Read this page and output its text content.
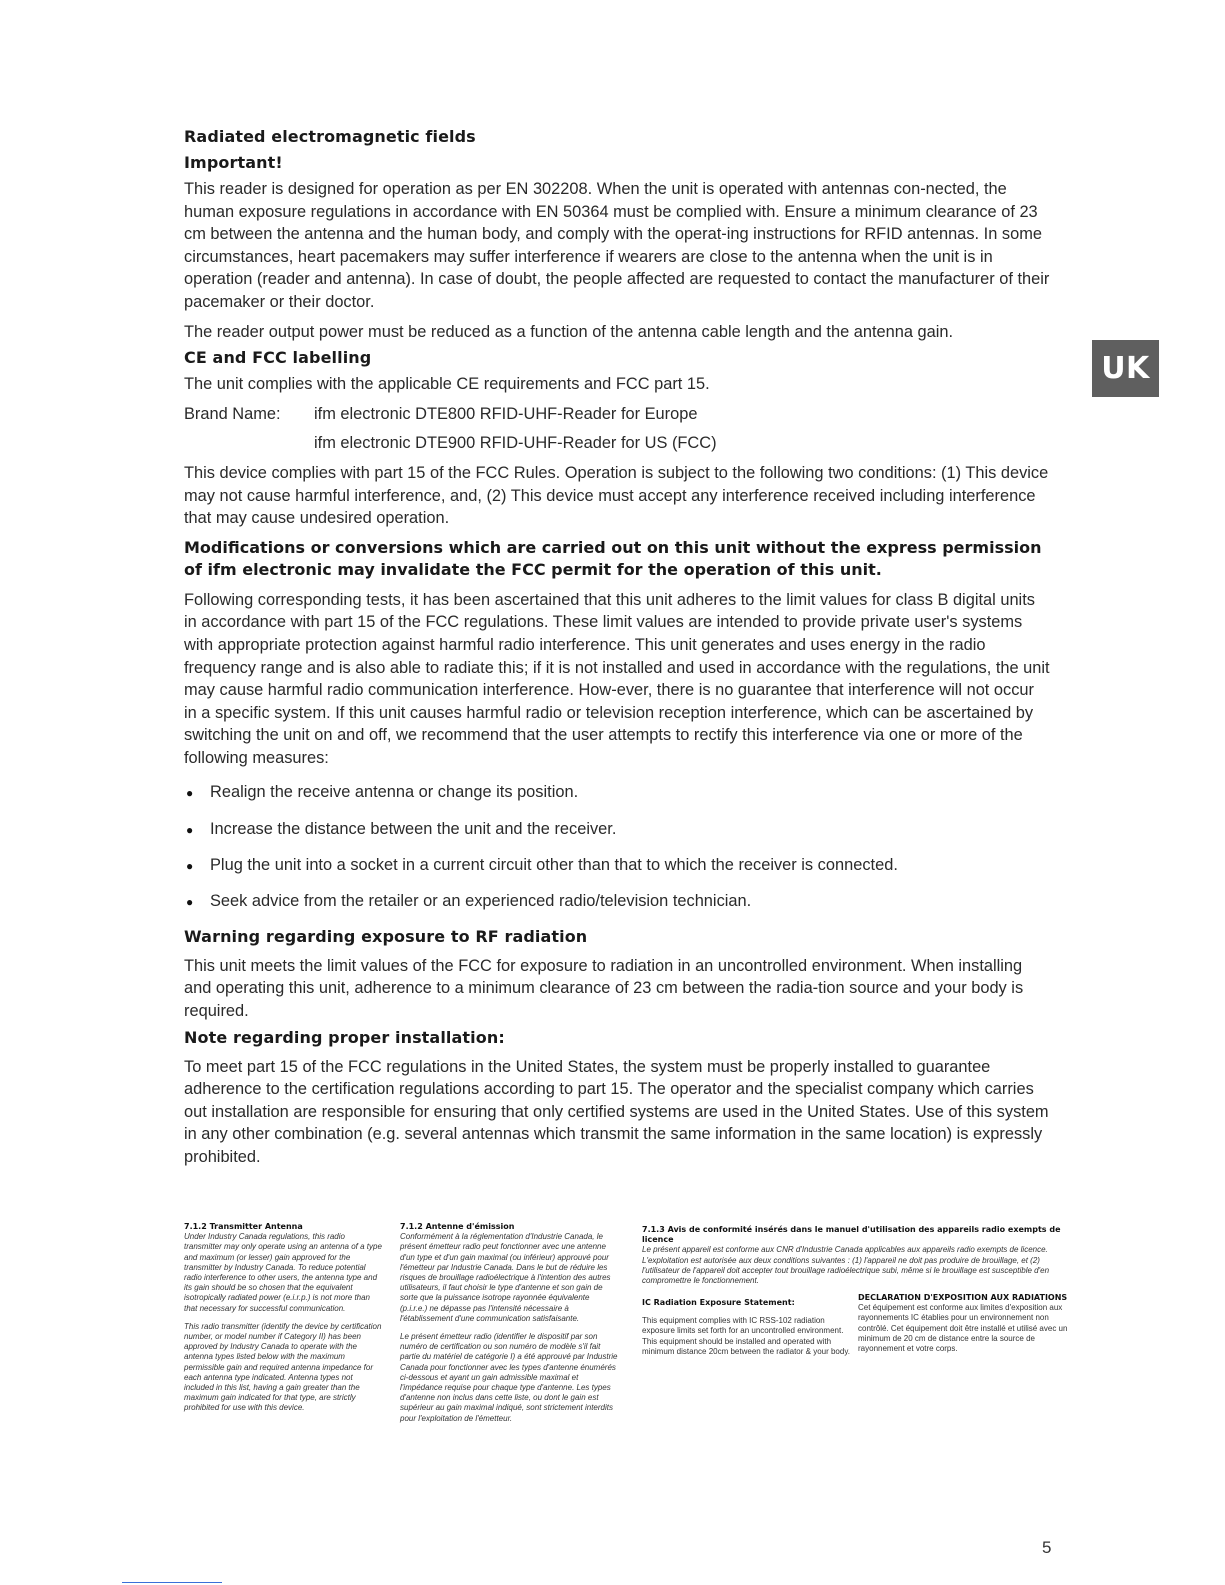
Radiated electromagnetic fields
Important!

This reader is designed for operation as per EN 302208. When the unit is operated with antennas con-nected, the human exposure regulations in accordance with EN 50364 must be complied with. Ensure a minimum clearance of 23 cm between the antenna and the human body, and comply with the operat-ing instructions for RFID antennas. In some circumstances, heart pacemakers may suffer interference if wearers are close to the antenna when the unit is in operation (reader and antenna). In case of doubt, the people affected are requested to contact the manufacturer of their pacemaker or their doctor.

The reader output power must be reduced as a function of the antenna cable length and the antenna gain.

CE and FCC labelling

The unit complies with the applicable CE requirements and FCC part 15.

Brand Name:	ifm electronic DTE800 RFID-UHF-Reader for Europe
ifm electronic DTE900 RFID-UHF-Reader for US (FCC)

This device complies with part 15 of the FCC Rules. Operation is subject to the following two conditions: (1) This device may not cause harmful interference, and, (2) This device must accept any interference received including interference that may cause undesired operation.

Modifications or conversions which are carried out on this unit without the express permission of ifm electronic may invalidate the FCC permit for the operation of this unit.

Following corresponding tests, it has been ascertained that this unit adheres to the limit values for class B digital units in accordance with part 15 of the FCC regulations. These limit values are intended to provide private user's systems with appropriate protection against harmful radio interference. This unit generates and uses energy in the radio frequency range and is also able to radiate this; if it is not installed and used in accordance with the regulations, the unit may cause harmful radio communication interference. How-ever, there is no guarantee that interference will not occur in a specific system. If this unit causes harmful radio or television reception interference, which can be ascertained by switching the unit on and off, we recommend that the user attempts to rectify this interference via one or more of the following measures:

●	Realign the receive antenna or change its position.
●	Increase the distance between the unit and the receiver.
●	Plug the unit into a socket in a current circuit other than that to which the receiver is connected.
●	Seek advice from the retailer or an experienced radio/television technician.
Warning regarding exposure to RF radiation

This unit meets the limit values of the FCC for exposure to radiation in an uncontrolled environment. When installing and operating this unit, adherence to a minimum clearance of 23 cm between the radia-tion source and your body is required.

Note regarding proper installation:

To meet part 15 of the FCC regulations in the United States, the system must be properly installed to guarantee adherence to the certification regulations according to part 15. The operator and the specialist company which carries out installation are responsible for ensuring that only certified systems are used in the United States. Use of this system in any other combination (e.g. several antennas which transmit the same information in the same location) is expressly prohibited.

UK
7.1.2 Transmitter Antenna
Under Industry Canada regulations, this radio transmitter may only operate using an antenna of a type and maximum (or lesser) gain approved for the transmitter by Industry Canada. To reduce potential radio interference to other users, the antenna type and its gain should be so chosen that the equivalent isotropically radiated power (e.i.r.p.) is not more than that necessary for successful communication.
This radio transmitter (identify the device by certification number, or model number if Category II) has been approved by Industry Canada to operate with the antenna types listed below with the maximum permissible gain and required antenna impedance for each antenna type indicated. Antenna types not included in this list, having a gain greater than the maximum gain indicated for that type, are strictly prohibited for use with this device.
7.1.2 Antenne d'émission
Conformément à la réglementation d'Industrie Canada, le présent émetteur radio peut fonctionner avec une antenne d'un type et d'un gain maximal (ou inférieur) approuvé pour l'émetteur par Industrie Canada. Dans le but de réduire les risques de brouillage radioélectrique à l'intention des autres utilisateurs, il faut choisir le type d'antenne et son gain de sorte que la puissance isotrope rayonnée équivalente (p.i.r.e.) ne dépasse pas l'intensité nécessaire à l'établissement d'une communication satisfaisante.
Le présent émetteur radio (identifier le dispositif par son numéro de certification ou son numéro de modèle s'il fait partie du matériel de catégorie I) a été approuvé par Industrie Canada pour fonctionner avec les types d'antenne énumérés ci-dessous et ayant un gain admissible maximal et l'impédance requise pour chaque type d'antenne. Les types d'antenne non inclus dans cette liste, ou dont le gain est supérieur au gain maximal indiqué, sont strictement interdits pour l'exploitation de l'émetteur.
7.1.3 Avis de conformité insérés dans le manuel d'utilisation des appareils radio exempts de licence
Le présent appareil est conforme aux CNR d'Industrie Canada applicables aux appareils radio exempts de licence. L'exploitation est autorisée aux deux conditions suivantes : (1) l'appareil ne doit pas produire de brouillage, et (2) l'utilisateur de l'appareil doit accepter tout brouillage radioélectrique subi, même si le brouillage est susceptible d'en compromettre le fonctionnement.
IC Radiation Exposure Statement:
This equipment complies with IC RSS-102 radiation exposure limits set forth for an uncontrolled environment. This equipment should be installed and operated with minimum distance 20cm between the radiator & your body.
DECLARATION D'EXPOSITION AUX RADIATIONS
Cet équipement est conforme aux limites d'exposition aux rayonnements IC établies pour un environnement non contrôlé. Cet équipement doit être installé et utilisé avec un minimum de 20 cm de distance entre la source de rayonnement et votre corps.
5
